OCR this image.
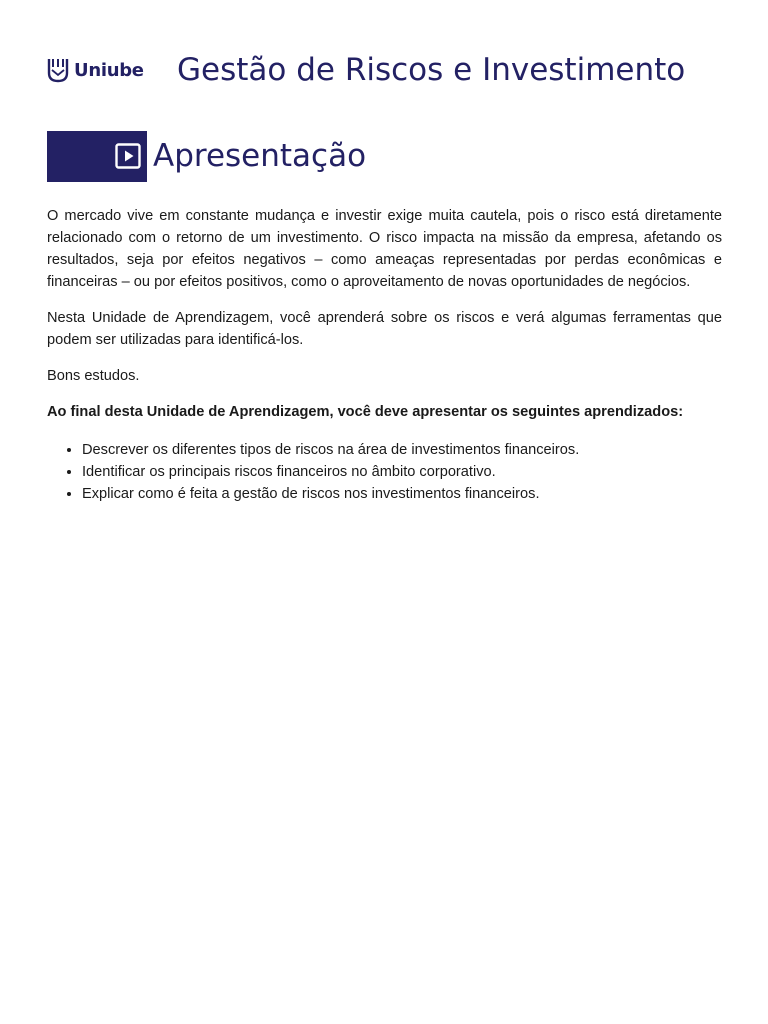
Uniube Gestão de Riscos e Investimento
Apresentação

O mercado vive em constante mudança e investir exige muita cautela, pois o risco está diretamente relacionado com o retorno de um investimento. O risco impacta na missão da empresa, afetando os resultados, seja por efeitos negativos – como ameaças representadas por perdas econômicas e financeiras – ou por efeitos positivos, como o aproveitamento de novas oportunidades de negócios.

Nesta Unidade de Aprendizagem, você aprenderá sobre os riscos e verá algumas ferramentas que podem ser utilizadas para identificá-los.

Bons estudos.

Ao final desta Unidade de Aprendizagem, você deve apresentar os seguintes aprendizados:

• Descrever os diferentes tipos de riscos na área de investimentos financeiros.
• Identificar os principais riscos financeiros no âmbito corporativo.
• Explicar como é feita a gestão de riscos nos investimentos financeiros.
